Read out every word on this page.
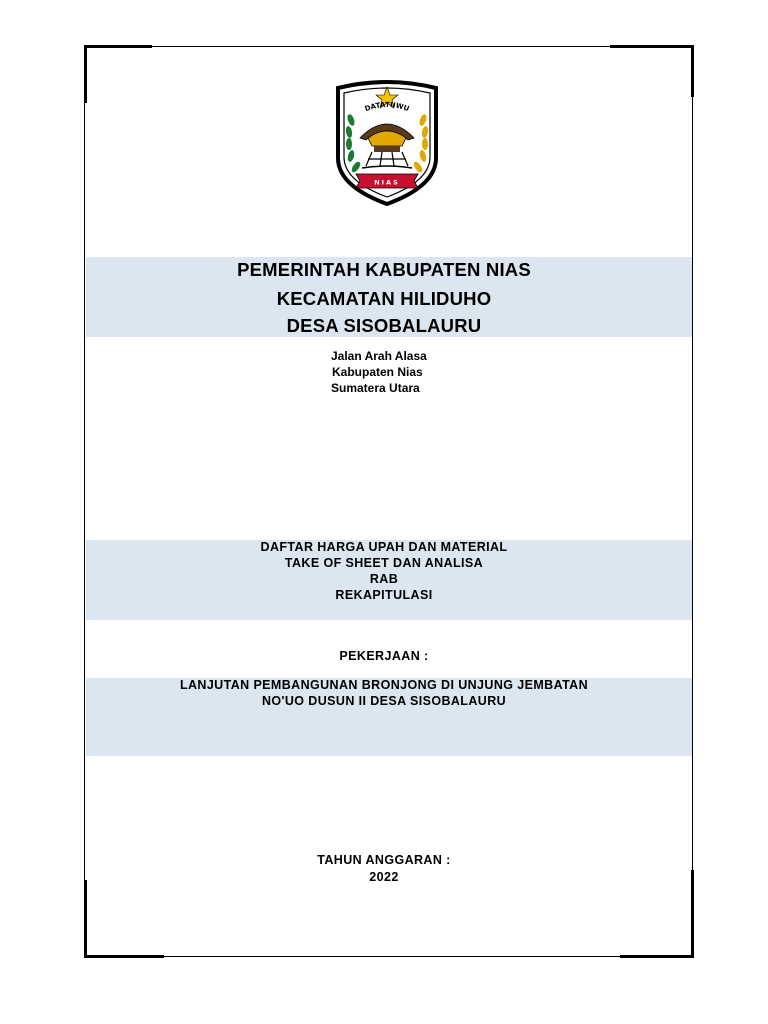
DATATUWU
NIAS
PEMERINTAH KABUPATEN NIAS
KECAMATAN HILIDUHO
DESA SISOBALAURU
Jalan Arah Alasa
Kabupaten Nias
Sumatera Utara
DAFTAR HARGA UPAH DAN MATERIAL
TAKE OF SHEET DAN ANALISA
RAB
REKAPITULASI
PEKERJAAN :
LANJUTAN PEMBANGUNAN BRONJONG DI UNJUNG JEMBATAN
NO'UO DUSUN II DESA SISOBALAURU
TAHUN ANGGARAN :
2022
